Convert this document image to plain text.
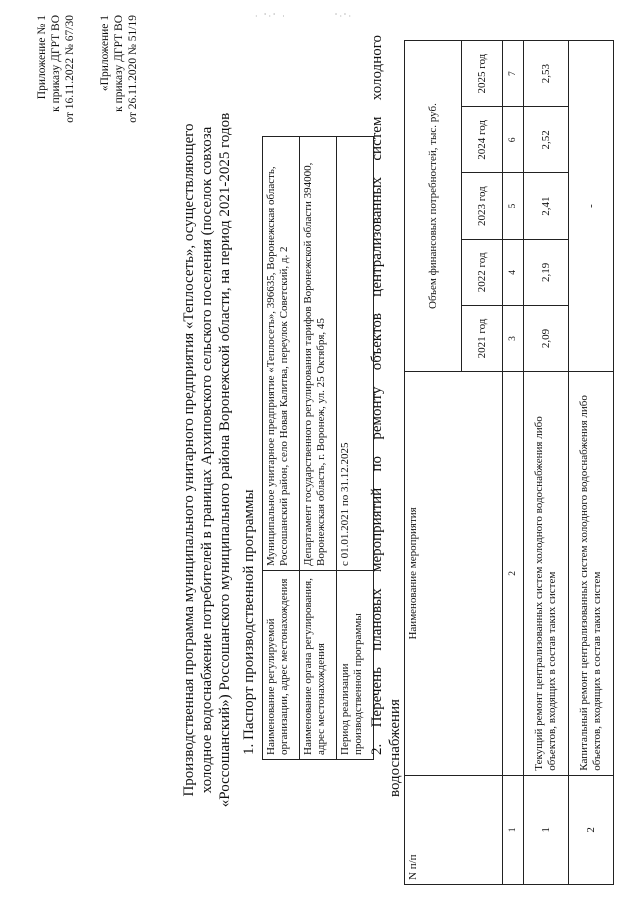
· ʿ·ʾ ·	ʾ·ʿ·
Приложение № 1 к приказу ДГРТ ВО от 16.11.2022 № 67/30 «Приложение 1 к приказу ДГРТ ВО от 26.11.2020 № 51/19
Производственная программа муниципального унитарного предприятия «Теплосеть», осуществляющего холодное водоснабжение потребителей в границах Архиповского сельского поселения (поселок совхоза «Россошанский») Россошанского муниципального района Воронежской области, на период 2021-2025 годов 1. Паспорт производственной программы Наименование регулируемой организации, адрес местонахождения	Муниципальное унитарное предприятие «Теплосеть», 396635, Воронежская область, Россошанский район, село Новая Калитва, переулок Советский, д. 2
Наименование органа регулирования, адрес местонахождения	Департамент государственного регулирования тарифов Воронежской области 394000, Воронежская область, г. Воронеж, ул. 25 Октября, 45
Период реализации производственной программы	с 01.01.2021 по 31.12.2025 2. Перечень плановых мероприятий по ремонту объектов централизованных систем холодного водоснабжения
N п/п	Наименование мероприятия	Объем финансовых потребностей, тыс. руб.				
		2021 год	2022 год	2023 год	2024 год	2025 год
1	2	3	4	5	6	7
1	Текущий ремонт централизованных систем холодного водоснабжения либо объектов, входящих в состав таких систем	2,09	2,19	2,41	2,52	2,53
2	Капитальный ремонт централизованных систем холодного водоснабжения либо объектов, входящих в состав таких систем	-				
